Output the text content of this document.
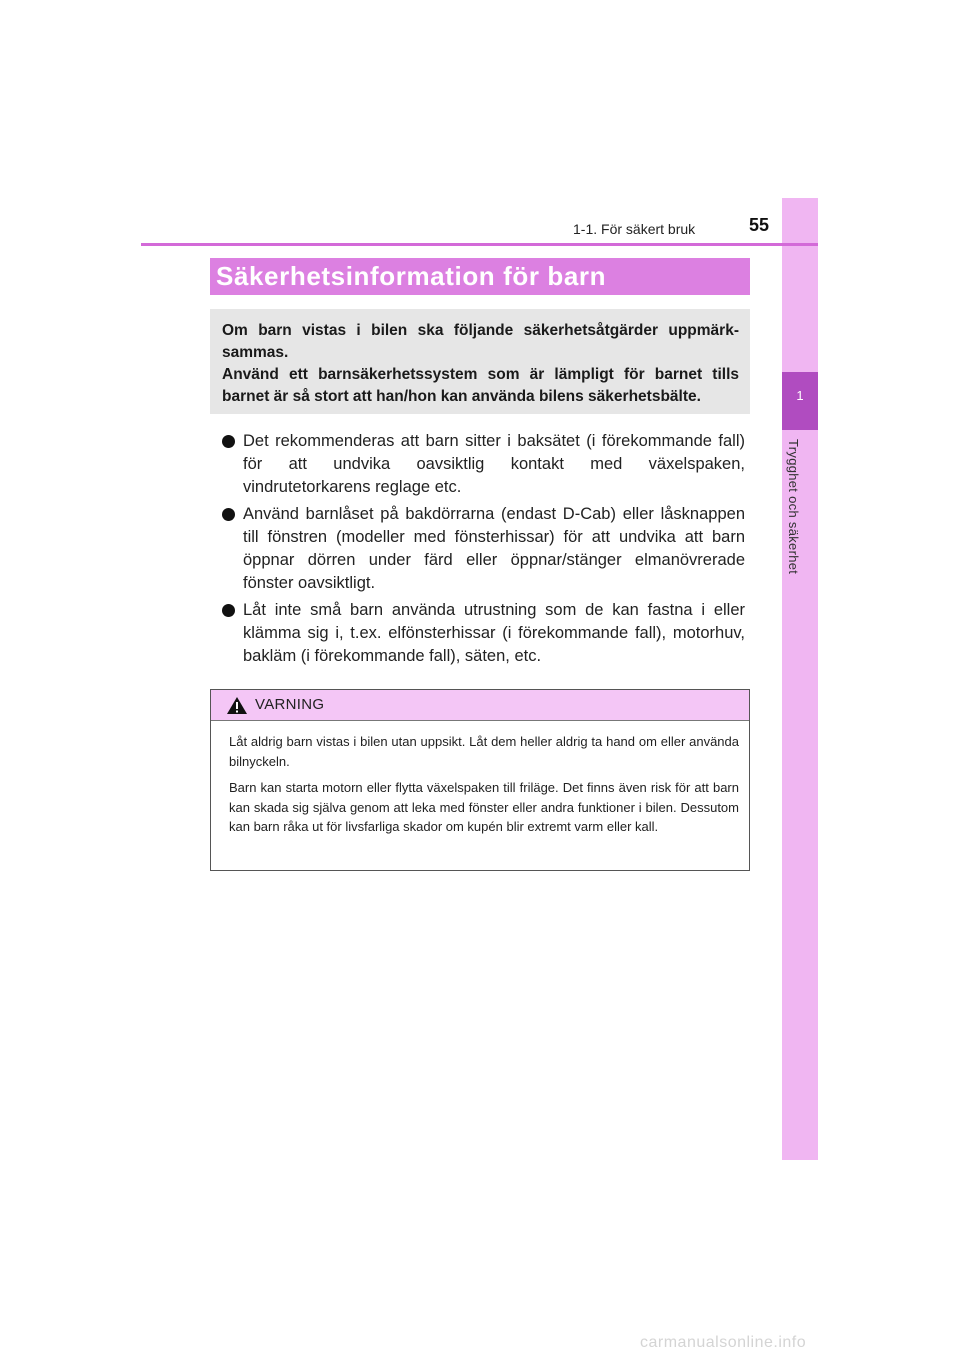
1
Trygghet och säkerhet
1-1. För säkert bruk	55
Säkerhetsinformation för barn

Om barn vistas i bilen ska följande säkerhetsåtgärder uppmärk-sammas.

Använd ett barnsäkerhetssystem som är lämpligt för barnet tills barnet är så stort att han/hon kan använda bilens säkerhetsbälte.

Det rekommenderas att barn sitter i baksätet (i förekommande fall) för att undvika oavsiktlig kontakt med växelspaken, vindrutetorkarens reglage etc.
Använd barnlåset på bakdörrarna (endast D-Cab) eller låsknappen till fönstren (modeller med fönsterhissar) för att undvika att barn öppnar dörren under färd eller öppnar/stänger elmanövrerade fönster oavsiktligt.
Låt inte små barn använda utrustning som de kan fastna i eller klämma sig i, t.ex. elfönsterhissar (i förekommande fall), motorhuv, bakläm (i förekommande fall), säten, etc.
VARNING

Låt aldrig barn vistas i bilen utan uppsikt. Låt dem heller aldrig ta hand om eller använda bilnyckeln.

Barn kan starta motorn eller flytta växelspaken till friläge. Det finns även risk för att barn kan skada sig själva genom att leka med fönster eller andra funktioner i bilen. Dessutom kan barn råka ut för livsfarliga skador om kupén blir extremt varm eller kall.

carmanualsonline.info
